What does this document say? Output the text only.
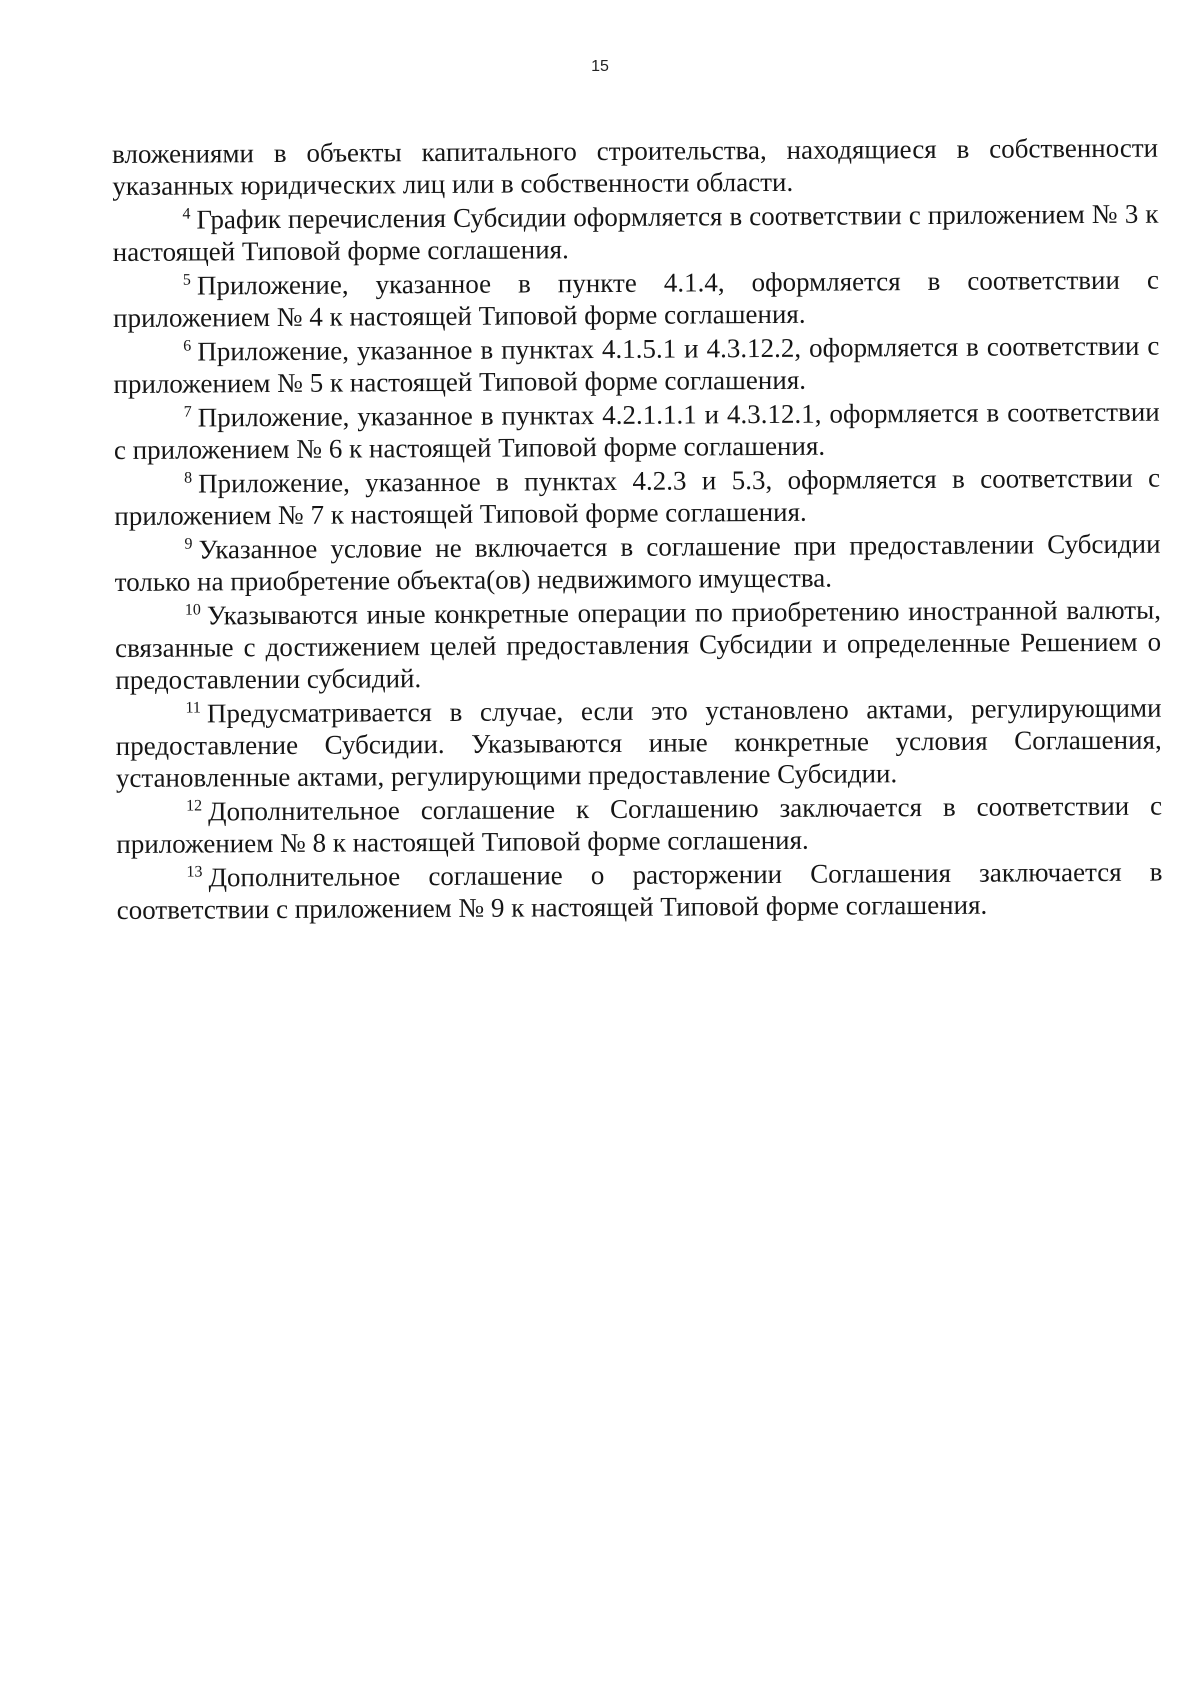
15

вложениями в объекты капитального строительства, находящиеся в собственности указанных юридических лиц или в собственности области.

$^4$ График перечисления Субсидии оформляется в соответствии с приложением № 3 к настоящей Типовой форме соглашения.

$^5$ Приложение, указанное в пункте 4.1.4, оформляется в соответствии с приложением № 4 к настоящей Типовой форме соглашения.

$^6$ Приложение, указанное в пунктах 4.1.5.1 и 4.3.12.2, оформляется в соответствии с приложением № 5 к настоящей Типовой форме соглашения.

$^7$ Приложение, указанное в пунктах 4.2.1.1.1 и 4.3.12.1, оформляется в соответствии с приложением № 6 к настоящей Типовой форме соглашения.

$^8$ Приложение, указанное в пунктах 4.2.3 и 5.3, оформляется в соответствии с приложением № 7 к настоящей Типовой форме соглашения.

$^9$ Указанное условие не включается в соглашение при предоставлении Субсидии только на приобретение объекта(ов) недвижимого имущества.

$^{10}$ Указываются иные конкретные операции по приобретению иностранной валюты, связанные с достижением целей предоставления Субсидии и определенные Решением о предоставлении субсидий.

$^{11}$ Предусматривается в случае, если это установлено актами, регулирующими предоставление Субсидии. Указываются иные конкретные условия Соглашения, установленные актами, регулирующими предоставление Субсидии.

$^{12}$ Дополнительное соглашение к Соглашению заключается в соответствии с приложением № 8 к настоящей Типовой форме соглашения.

$^{13}$ Дополнительное соглашение о расторжении Соглашения заключается в соответствии с приложением № 9 к настоящей Типовой форме соглашения.
